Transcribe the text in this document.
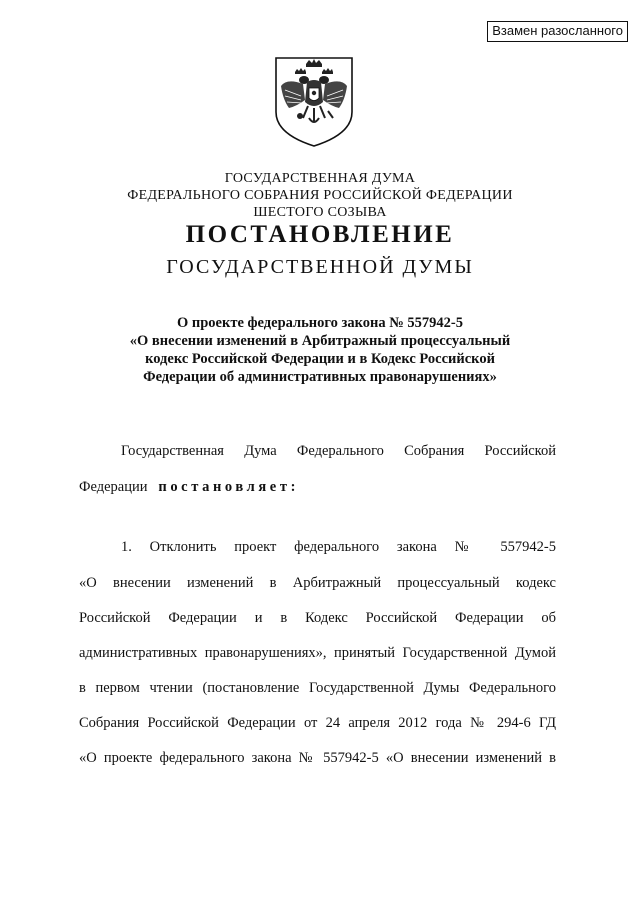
Взамен разосланного
ГОСУДАРСТВЕННАЯ ДУМА
ФЕДЕРАЛЬНОГО СОБРАНИЯ РОССИЙСКОЙ ФЕДЕРАЦИИ
ШЕСТОГО СОЗЫВА
ПОСТАНОВЛЕНИЕ
ГОСУДАРСТВЕННОЙ ДУМЫ
О проекте федерального закона № 557942-5
«О внесении изменений в Арбитражный процессуальный
кодекс Российской Федерации и в Кодекс Российской
Федерации об административных правонарушениях»
Государственная Дума Федерального Собрания Российской
Федерации постановляет:
1. Отклонить проект федерального закона № 557942-5
«О внесении изменений в Арбитражный процессуальный кодекс
Российской Федерации и в Кодекс Российской Федерации об
административных правонарушениях», принятый Государственной Думой
в первом чтении (постановление Государственной Думы Федерального
Собрания Российской Федерации от 24 апреля 2012 года № 294-6 ГД
«О проекте федерального закона № 557942-5 «О внесении изменений в
